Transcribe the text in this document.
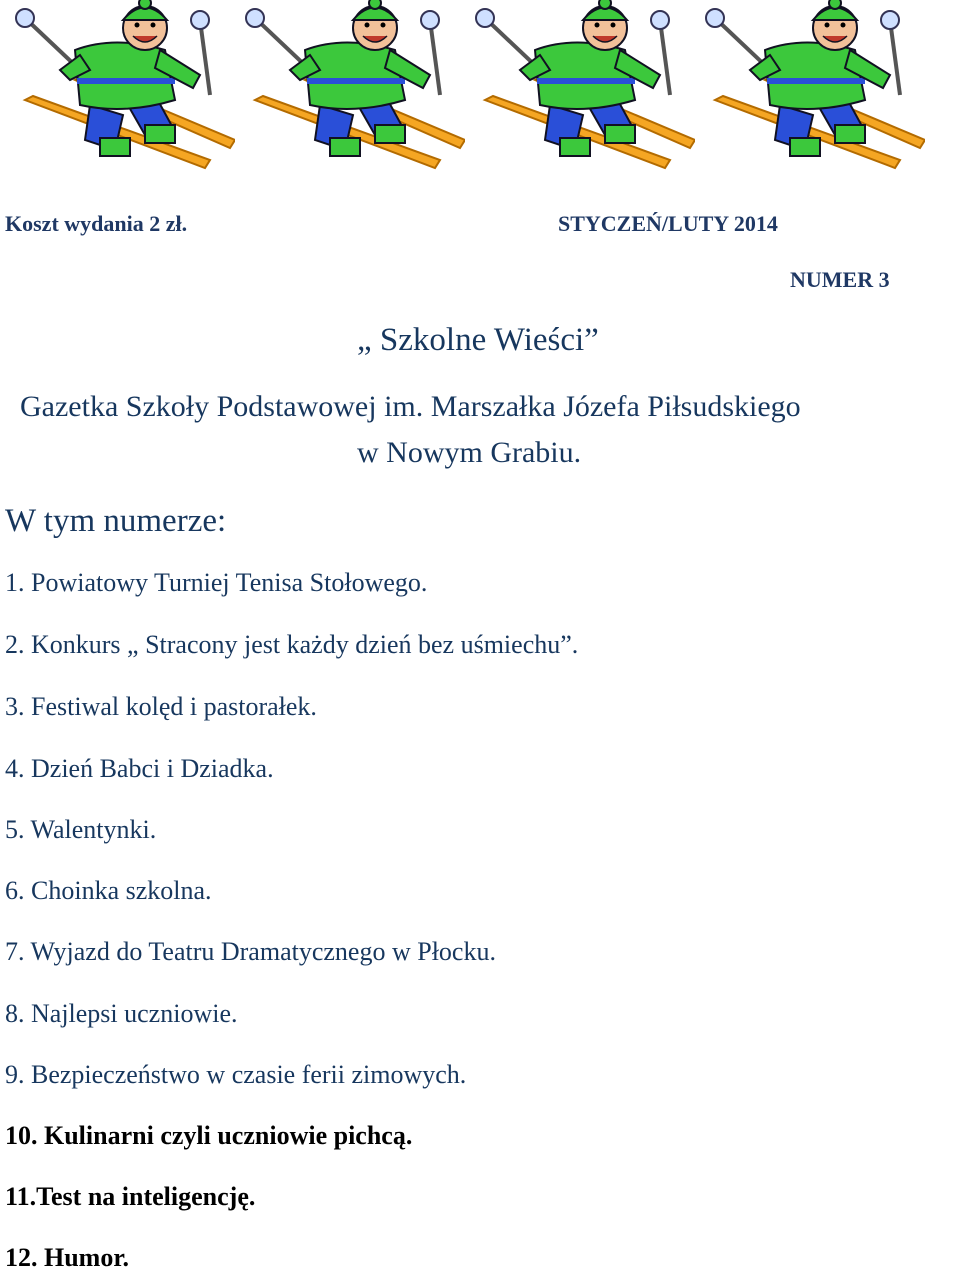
Koszt wydania 2 zł.	STYCZEŃ/LUTY 2014
NUMER 3
„ Szkolne Wieści”
Gazetka Szkoły Podstawowej im. Marszałka Józefa Piłsudskiego
w Nowym Grabiu.
W tym numerze:
1. Powiatowy Turniej Tenisa Stołowego.
2. Konkurs „ Stracony jest każdy dzień bez uśmiechu”.
3. Festiwal kolęd i pastorałek.
4. Dzień Babci i Dziadka.
5. Walentynki.
6. Choinka szkolna.
7. Wyjazd do Teatru Dramatycznego w Płocku.
8. Najlepsi uczniowie.
9. Bezpieczeństwo w czasie ferii zimowych.
10. Kulinarni czyli uczniowie pichcą.
11.Test na inteligencję.
12. Humor.
